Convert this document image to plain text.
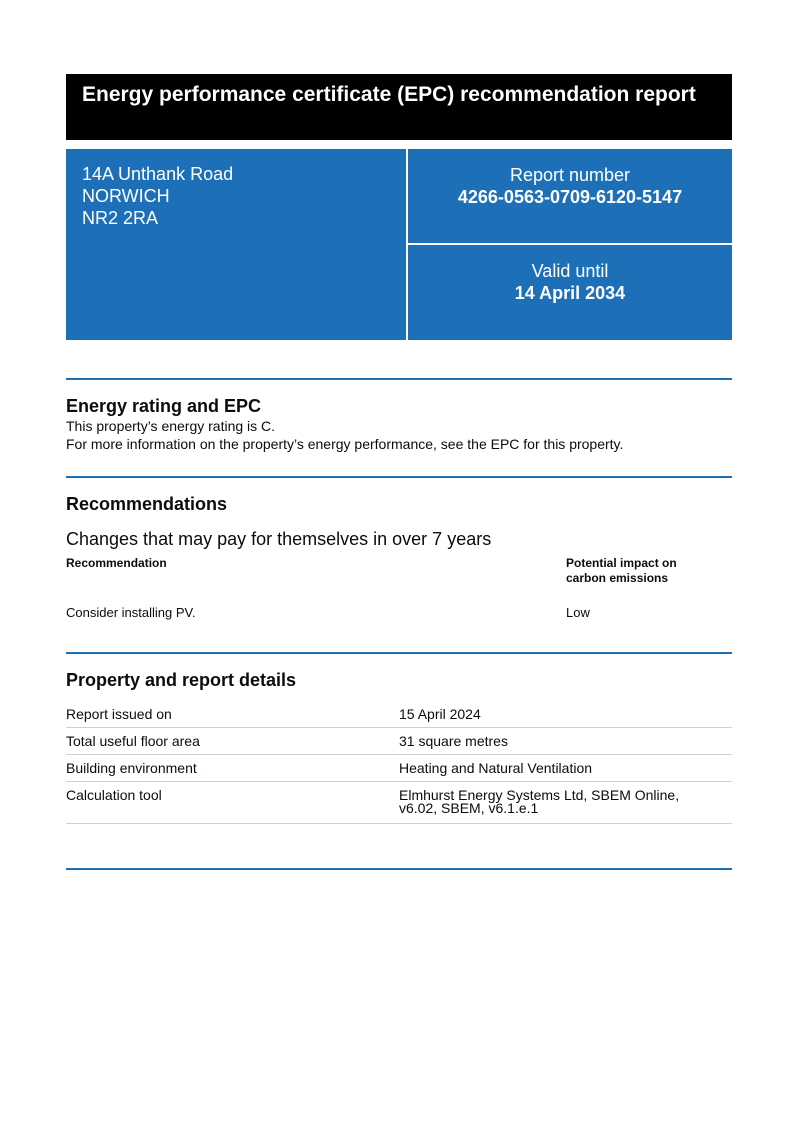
Energy performance certificate (EPC) recommendation report
14A Unthank Road
NORWICH
NR2 2RA
Report number
4266-0563-0709-6120-5147
Valid until
14 April 2034
Energy rating and EPC

This property’s energy rating is C.

For more information on the property’s energy performance, see the EPC for this property.

Recommendations
Changes that may pay for themselves in over 7 years
Recommendation	Potential impact on
carbon emissions
Consider installing PV.	Low
Property and report details
Report issued on	15 April 2024
Total useful floor area	31 square metres
Building environment	Heating and Natural Ventilation
Calculation tool	Elmhurst Energy Systems Ltd, SBEM Online,
v6.02, SBEM, v6.1.e.1
